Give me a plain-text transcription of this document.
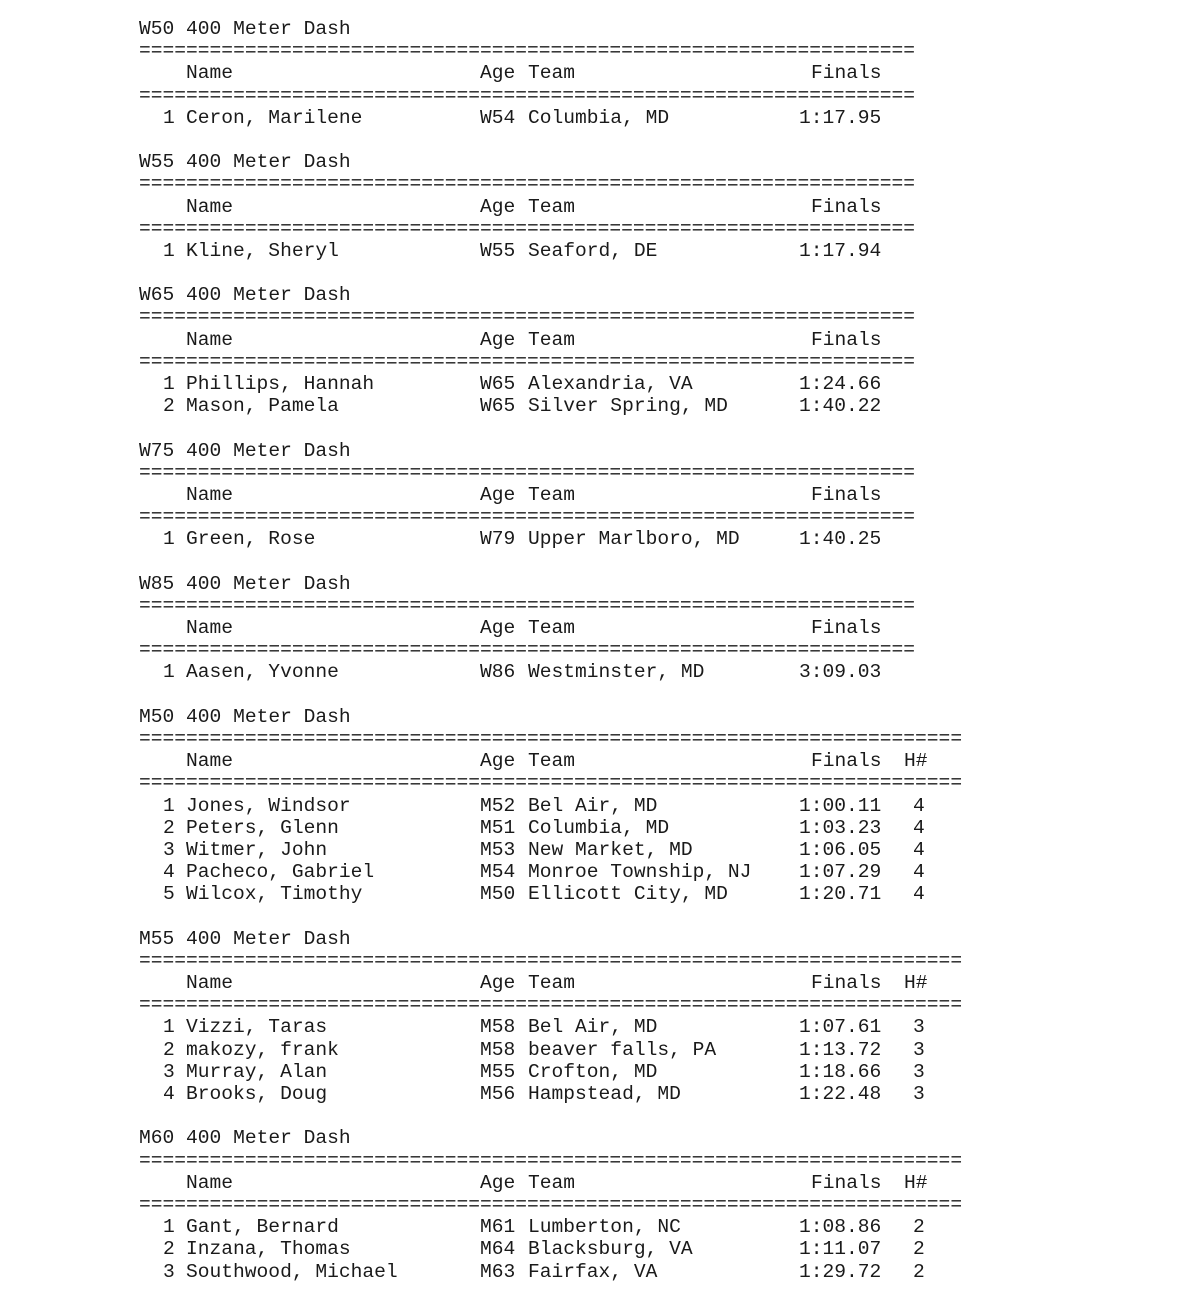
W50 400 Meter Dash
==================================================================
Name	Age Team	Finals
==================================================================
1 Ceron, Marilene	W54 Columbia, MD	1:17.95
W55 400 Meter Dash
==================================================================
Name	Age Team	Finals
==================================================================
1 Kline, Sheryl	W55 Seaford, DE	1:17.94
W65 400 Meter Dash
==================================================================
Name	Age Team	Finals
==================================================================
1 Phillips, Hannah	W65 Alexandria, VA	1:24.66
2 Mason, Pamela	W65 Silver Spring, MD	1:40.22
W75 400 Meter Dash
==================================================================
Name	Age Team	Finals
==================================================================
1 Green, Rose	W79 Upper Marlboro, MD	1:40.25
W85 400 Meter Dash
==================================================================
Name	Age Team	Finals
==================================================================
1 Aasen, Yvonne	W86 Westminster, MD	3:09.03
M50 400 Meter Dash
======================================================================
Name	Age Team	Finals H#
======================================================================
1 Jones, Windsor	M52 Bel Air, MD	1:00.11 4
2 Peters, Glenn	M51 Columbia, MD	1:03.23 4
3 Witmer, John	M53 New Market, MD	1:06.05 4
4 Pacheco, Gabriel	M54 Monroe Township, NJ 1:07.29 4
5 Wilcox, Timothy	M50 Ellicott City, MD	1:20.71 4
M55 400 Meter Dash
======================================================================
Name	Age Team	Finals H#
======================================================================
1 Vizzi, Taras	M58 Bel Air, MD	1:07.61 3
2 makozy, frank	M58 beaver falls, PA	1:13.72 3
3 Murray, Alan	M55 Crofton, MD	1:18.66 3
4 Brooks, Doug	M56 Hampstead, MD	1:22.48 3
M60 400 Meter Dash
======================================================================
Name	Age Team	Finals H#
======================================================================
1 Gant, Bernard	M61 Lumberton, NC	1:08.86 2
2 Inzana, Thomas	M64 Blacksburg, VA	1:11.07 2
3 Southwood, Michael	M63 Fairfax, VA	1:29.72 2
